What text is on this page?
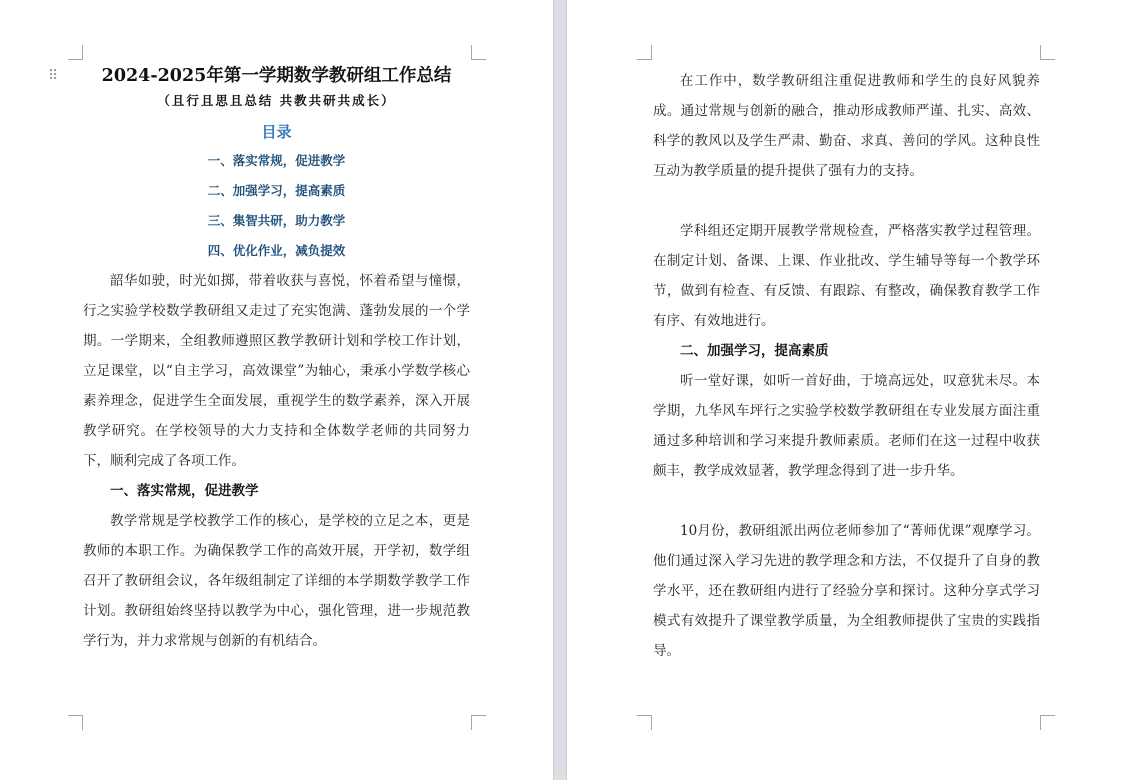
⠿	2024-2025年第一学期数学教研组工作总结

（且行且思且总结 共教共研共成长）

目录

一、落实常规，促进教学

二、加强学习，提高素质

三、集智共研，助力教学

四、优化作业，减负提效

韶华如驶，时光如掷，带着收获与喜悦，怀着希望与憧憬，行之实验学校数学教研组又走过了充实饱满、蓬勃发展的一个学期。一学期来，全组教师遵照区教学教研计划和学校工作计划，立足课堂，以“自主学习，高效课堂”为轴心，秉承小学数学核心素养理念，促进学生全面发展，重视学生的数学素养，深入开展教学研究。在学校领导的大力支持和全体数学老师的共同努力下，顺利完成了各项工作。

一、落实常规，促进教学

教学常规是学校教学工作的核心，是学校的立足之本，更是教师的本职工作。为确保教学工作的高效开展，开学初，数学组召开了教研组会议，各年级组制定了详细的本学期数学教学工作计划。教研组始终坚持以教学为中心，强化管理，进一步规范教学行为，并力求常规与创新的有机结合。

在工作中，数学教研组注重促进教师和学生的良好风貌养成。通过常规与创新的融合，推动形成教师严谨、扎实、高效、科学的教风以及学生严肃、勤奋、求真、善问的学风。这种良性互动为教学质量的提升提供了强有力的支持。

学科组还定期开展教学常规检查，严格落实教学过程管理。在制定计划、备课、上课、作业批改、学生辅导等每一个教学环节，做到有检查、有反馈、有跟踪、有整改，确保教育教学工作有序、有效地进行。

二、加强学习，提高素质

听一堂好课，如听一首好曲，于境高远处，叹意犹未尽。本学期，九华风车坪行之实验学校数学教研组在专业发展方面注重通过多种培训和学习来提升教师素质。老师们在这一过程中收获颇丰，教学成效显著，教学理念得到了进一步升华。

10月份，教研组派出两位老师参加了“菁师优课”观摩学习。他们通过深入学习先进的教学理念和方法，不仅提升了自身的教学水平，还在教研组内进行了经验分享和探讨。这种分享式学习模式有效提升了课堂教学质量，为全组教师提供了宝贵的实践指导。
